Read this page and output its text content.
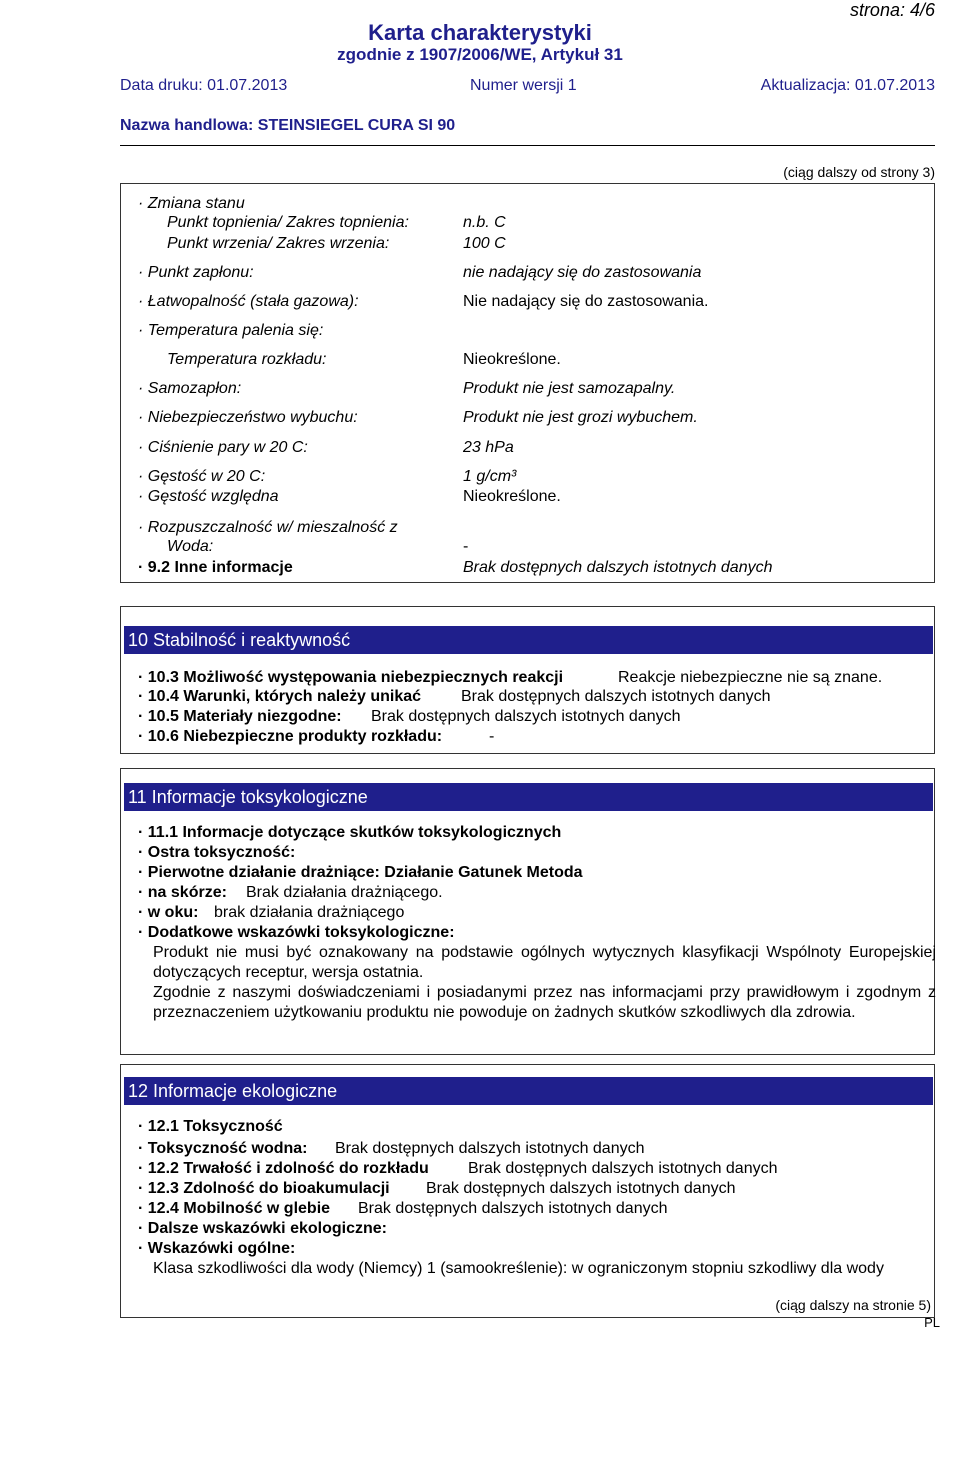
strona: 4/6
Karta charakterystyki
zgodnie z 1907/2006/WE, Artykuł 31
Data druku: 01.07.2013	Numer wersji 1	Aktualizacja: 01.07.2013
Nazwa handlowa: STEINSIEGEL CURA SI 90
(ciąg dalszy od strony 3)
· Zmiana stanu
Punkt topnienia/ Zakres topnienia:	n.b. C
Punkt wrzenia/ Zakres wrzenia:	100 C
· Punkt zapłonu:	nie nadający się do zastosowania
· Łatwopalność (stała gazowa):	Nie nadający się do zastosowania.
· Temperatura palenia się:
Temperatura rozkładu:	Nieokreślone.
· Samozapłon:	Produkt nie jest samozapalny.
· Niebezpieczeństwo wybuchu:	Produkt nie jest grozi wybuchem.
· Ciśnienie pary w 20 C:	23 hPa
· Gęstość w 20 C:	1 g/cm³
· Gęstość względna	Nieokreślone.
· Rozpuszczalność w/ mieszalność z
Woda:	-
· 9.2 Inne informacje	Brak dostępnych dalszych istotnych danych
10 Stabilność i reaktywność
· 10.3 Możliwość występowania niebezpiecznych reakcji	Reakcje niebezpieczne nie są znane.
· 10.4 Warunki, których należy unikać Brak dostępnych dalszych istotnych danych
· 10.5 Materiały niezgodne: Brak dostępnych dalszych istotnych danych
· 10.6 Niebezpieczne produkty rozkładu:	-
11 Informacje toksykologiczne
· 11.1 Informacje dotyczące skutków toksykologicznych
· Ostra toksyczność:
· Pierwotne działanie drażniące: Działanie Gatunek Metoda
· na skórze: Brak działania drażniącego.
· w oku: brak działania drażniącego
· Dodatkowe wskazówki toksykologiczne:
Produkt nie musi być oznakowany na podstawie ogólnych wytycznych klasyfikacji Wspólnoty Europejskiej dotyczących receptur, wersja ostatnia.
Zgodnie z naszymi doświadczeniami i posiadanymi przez nas informacjami przy prawidłowym i zgodnym z przeznaczeniem użytkowaniu produktu nie powoduje on żadnych skutków szkodliwych dla zdrowia.
12 Informacje ekologiczne
· 12.1 Toksyczność
· Toksyczność wodna: Brak dostępnych dalszych istotnych danych
· 12.2 Trwałość i zdolność do rozkładu Brak dostępnych dalszych istotnych danych
· 12.3 Zdolność do bioakumulacji Brak dostępnych dalszych istotnych danych
· 12.4 Mobilność w glebie Brak dostępnych dalszych istotnych danych
· Dalsze wskazówki ekologiczne:
· Wskazówki ogólne:
Klasa szkodliwości dla wody (Niemcy) 1 (samookreślenie): w ograniczonym stopniu szkodliwy dla wody
(ciąg dalszy na stronie 5)
PL
